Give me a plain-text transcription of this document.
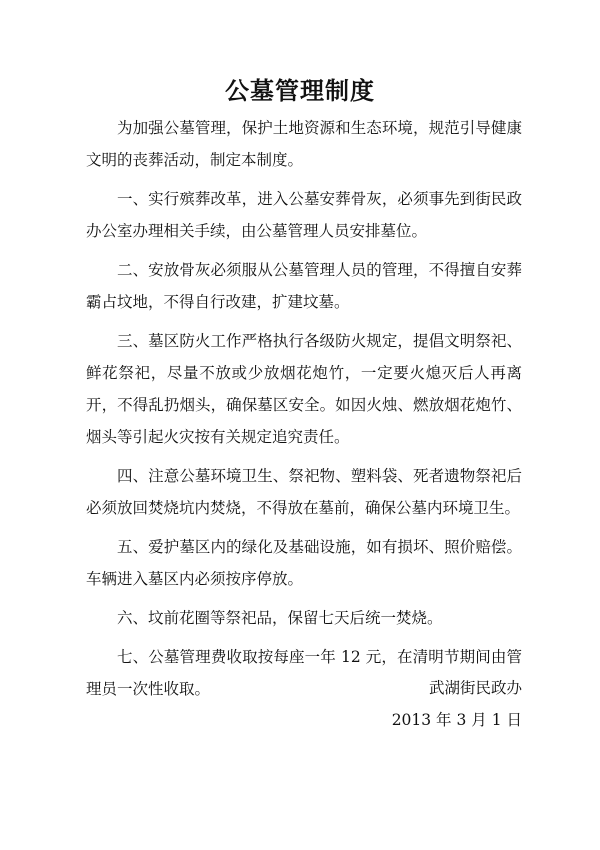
公墓管理制度

为加强公墓管理，保护土地资源和生态环境，规范引导健康文明的丧葬活动，制定本制度。

一、实行殡葬改革，进入公墓安葬骨灰，必须事先到街民政办公室办理相关手续，由公墓管理人员安排墓位。

二、安放骨灰必须服从公墓管理人员的管理，不得擅自安葬霸占坟地，不得自行改建，扩建坟墓。

三、墓区防火工作严格执行各级防火规定，提倡文明祭祀、鲜花祭祀，尽量不放或少放烟花炮竹，一定要火熄灭后人再离开，不得乱扔烟头，确保墓区安全。如因火烛、燃放烟花炮竹、烟头等引起火灾按有关规定追究责任。

四、注意公墓环境卫生、祭祀物、塑料袋、死者遗物祭祀后必须放回焚烧坑内焚烧，不得放在墓前，确保公墓内环境卫生。

五、爱护墓区内的绿化及基础设施，如有损坏、照价赔偿。车辆进入墓区内必须按序停放。

六、坟前花圈等祭祀品，保留七天后统一焚烧。

七、公墓管理费收取按每座一年 12 元，在清明节期间由管理员一次性收取。	武湖街民政办
2013 年 3 月 1 日
